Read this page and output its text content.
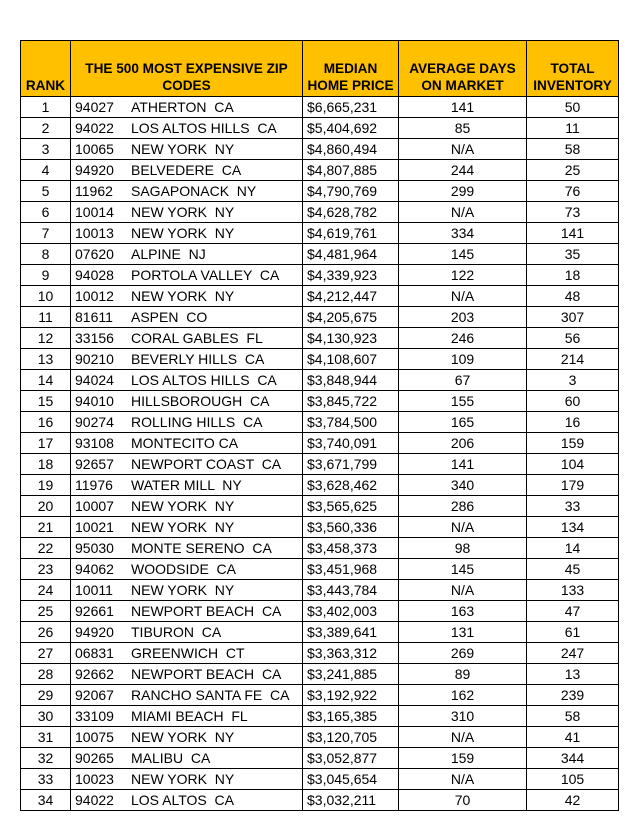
RANK	THE 500 MOST EXPENSIVE ZIP CODES	MEDIAN HOME PRICE	AVERAGE DAYS ON MARKET	TOTAL INVENTORY
1	94027 ATHERTON  CA	$6,665,231	141	50
2	94022 LOS ALTOS HILLS  CA	$5,404,692	85	11
3	10065 NEW YORK  NY	$4,860,494	N/A	58
4	94920 BELVEDERE  CA	$4,807,885	244	25
5	11962 SAGAPONACK  NY	$4,790,769	299	76
6	10014 NEW YORK  NY	$4,628,782	N/A	73
7	10013 NEW YORK  NY	$4,619,761	334	141
8	07620 ALPINE  NJ	$4,481,964	145	35
9	94028 PORTOLA VALLEY  CA	$4,339,923	122	18
10	10012 NEW YORK  NY	$4,212,447	N/A	48
11	81611 ASPEN  CO	$4,205,675	203	307
12	33156 CORAL GABLES  FL	$4,130,923	246	56
13	90210 BEVERLY HILLS  CA	$4,108,607	109	214
14	94024 LOS ALTOS HILLS  CA	$3,848,944	67	3
15	94010 HILLSBOROUGH  CA	$3,845,722	155	60
16	90274 ROLLING HILLS  CA	$3,784,500	165	16
17	93108 MONTECITO CA	$3,740,091	206	159
18	92657 NEWPORT COAST  CA	$3,671,799	141	104
19	11976 WATER MILL  NY	$3,628,462	340	179
20	10007 NEW YORK  NY	$3,565,625	286	33
21	10021 NEW YORK  NY	$3,560,336	N/A	134
22	95030 MONTE SERENO  CA	$3,458,373	98	14
23	94062 WOODSIDE  CA	$3,451,968	145	45
24	10011 NEW YORK  NY	$3,443,784	N/A	133
25	92661 NEWPORT BEACH  CA	$3,402,003	163	47
26	94920 TIBURON  CA	$3,389,641	131	61
27	06831 GREENWICH  CT	$3,363,312	269	247
28	92662 NEWPORT BEACH  CA	$3,241,885	89	13
29	92067 RANCHO SANTA FE  CA	$3,192,922	162	239
30	33109 MIAMI BEACH  FL	$3,165,385	310	58
31	10075 NEW YORK  NY	$3,120,705	N/A	41
32	90265 MALIBU  CA	$3,052,877	159	344
33	10023 NEW YORK  NY	$3,045,654	N/A	105
34	94022 LOS ALTOS  CA	$3,032,211	70	42
